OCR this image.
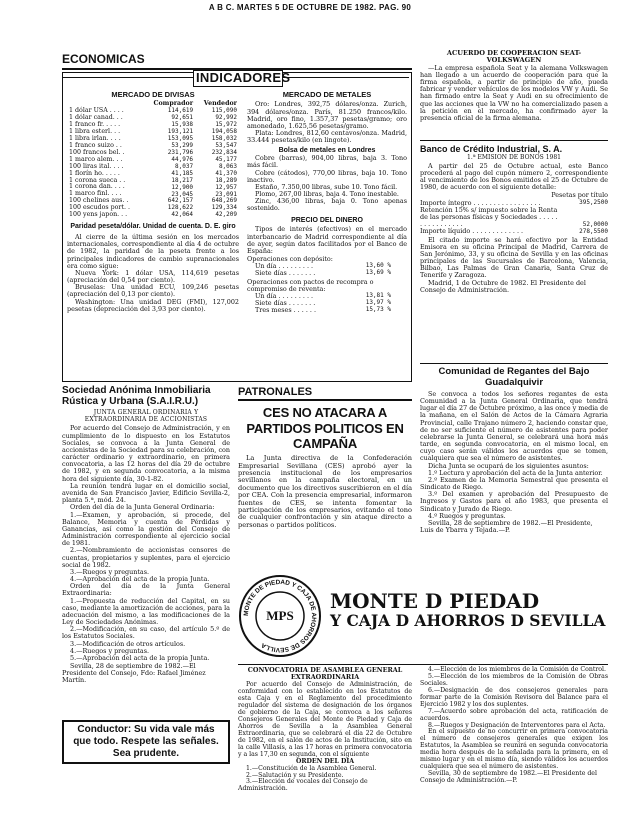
A B C. MARTES 5 DE OCTUBRE DE 1982. PAG. 90
ECONOMICAS
INDICADORES
MERCADO DE DIVISAS
	Comprador	Vendedor
1 dólar USA . . . .	114,619	115,090
1 dólar canad. . .	92,651	92,992
1 franco fr. . . . .	15,938	15,972
1 libra esterl. . .	193,121	194,058
1 libra irlan. . . .	153,095	158,032
1 franco suizo . .	53,299	53,547
100 francos bel. .	231,796	232,834
1 marco alem. . .	44,976	45,177
100 liras ital. . . .	8,037	8,063
1 florín ho. . . . .	41,185	41,370
1 corona sueca . .	18,217	18,289
1 corona dan. . . .	12,900	12,957
1 marco finl. . . .	23,045	23,091
100 chelines aus. .	642,157	648,269
100 escudos port. .	128,622	129,334
100 yens japon. . .	42,064	42,209
Paridad peseta/dólar. Unidad de cuenta. D. E. giro
Al cierre de la última sesión en los mercados internacionales, correspondiente al día 4 de octubre de 1982, la paridad de la peseta frente a los principales indicadores de cambio supranacionales era como sigue:
Nueva York: 1 dólar USA, 114,619 pesetas (apreciación del 0,54 por ciento).
Bruselas: Una unidad ECU, 109,246 pesetas (apreciación del 0,13 por ciento).
Washington: Una unidad DEG (FMI), 127,002 pesetas (depreciación del 3,93 por ciento).
MERCADO DE METALES
Oro: Londres, 392,75 dólares/onza. Zurich, 394 dólares/onza. París, 81.250 francos/kilo. Madrid, oro fino, 1.357,37 pesetas/gramo; oro amonedado, 1.625,56 pesetas/gramo.
Plata: Londres, 812,60 centavos/onza. Madrid, 33.444 pesetas/kilo (en lingote).
Bolsa de metales en Londres
Cobre (barras), 904,00 libras, baja 3. Tono más fácil.
Cobre (cátodos), 770,00 libras, baja 10. Tono inactivo.
Estaño, 7.350,00 libras, sube 10. Tono fácil.
Plomo, 267,00 libras, baja 4. Tono inestable.
Zinc, 436,00 libras, baja 0. Tono apenas sostenido.
PRECIO DEL DINERO
Tipos de interés (efectivos) en el mercado interbancario de Madrid correspondiente al día de ayer, según datos facilitados por el Banco de España:
Operaciones con depósito:
Un día . . . . . . . . .	13,60 %
Siete días . . . . . . .	13,69 %
Operaciones con pactos de recompra o compromiso de reventa:
Un día . . . . . . . . .	13,81 %
Siete días . . . . . . .	13,97 %
Tres meses . . . . . .	15,73 %
Sociedad Anónima Inmobiliaria Rústica y Urbana (S.A.I.R.U.)
JUNTA GENERAL ORDINARIA Y EXTRAORDINARIA DE ACCIONISTAS
Por acuerdo del Consejo de Administración, y en cumplimiento de lo dispuesto en los Estatutos Sociales, se convoca a la Junta General de accionistas de la Sociedad para su celebración, con carácter ordinario y extraordinario, en primera convocatoria, a las 12 horas del día 29 de octubre de 1982, y en segunda convocatoria, a la misma hora del siguiente día, 30-1-82.
La reunión tendrá lugar en el domicilio social, avenida de San Francisco Javier, Edificio Sevilla-2, planta 5.ª, mód. 24.
Orden del día de la Junta General Ordinaria:
1.—Examen, y aprobación, si procede, del Balance, Memoria y cuenta de Pérdidas y Ganancias, así como la gestión del Consejo de Administración correspondiente al ejercicio social de 1981.
2.—Nombramiento de accionistas censores de cuentas, propietarios y suplentes, para el ejercicio social de 1982.
3.—Ruegos y preguntas.
4.—Aprobación del acta de la propia Junta.
Orden del día de la Junta General Extraordinaria:
1.—Propuesta de reducción del Capital, en su caso, mediante la amortización de acciones, para la adecuación del mismo, a las modificaciones de la Ley de Sociedades Anónimas.
2.—Modificación, en su caso, del artículo 5.º de los Estatutos Sociales.
3.—Modificación de otros artículos.
4.—Ruegos y preguntas.
5.—Aprobación del acta de la propia Junta.
Sevilla, 28 de septiembre de 1982.—El Presidente del Consejo, Fdo: Rafael Jiménez Martín.
Conductor: Su vida vale más que todo. Respete las señales. Sea prudente.
PATRONALES
CES NO ATACARA A PARTIDOS POLITICOS EN CAMPAÑA
La Junta directiva de la Confederación Empresarial Sevillana (CES) aprobó ayer la presencia institucional de los empresarios sevillanos en la campaña electoral, en un documento que los directivos suscribieron en el día por CEA. Con la presencia empresarial, informaron fuentes de CES, se intenta fomentar la participación de los empresarios, evitando el tono de cualquier confrontación y sin ataque directo a personas o partidos políticos.
ACUERDO DE COOPERACION SEAT-VOLKSWAGEN
—La empresa española Seat y la alemana Volkswagen han llegado a un acuerdo de cooperación para que la firma española, a partir de principio de año, pueda fabricar y vender vehículos de los modelos VW y Audi. Se han firmado entre la Seat y Audi en su ofrecimiento de que las acciones que la VW no ha comercializado pasen a la petición en el mercado, ha confirmado ayer la presencia oficial de la firma alemana.
Banco de Crédito Industrial, S. A.
1.ª EMISION DE BONOS 1981
A partir del 25 de Octubre actual, este Banco procederá al pago del cupón número 2, correspondiente al vencimiento de los Bonos emitidos el 25 de Octubre de 1980, de acuerdo con el siguiente detalle:
Pesetas por título
Importe íntegro . . . . . . . . . . . . . . . . .	395,2500
Retención 15% s/ impuesto sobre la Renta de las personas físicas y Sociedades . . . . . . . . . . . . . . . .	52,0000
Importe líquido . . . . . . . . . . . . .	278,5500
El citado importe se hará efectivo por la Entidad Emisora en su oficina Principal de Madrid, Carrera de San Jerónimo, 33, y su oficina de Sevilla y en las oficinas principales de las Sucursales de Barcelona, Valencia, Bilbao, Las Palmas de Gran Canaria, Santa Cruz de Tenerife y Zaragoza.
Madrid, 1 de Octubre de 1982. El Presidente del Consejo de Administración.
Comunidad de Regantes del Bajo Guadalquivir
Se convoca a todos los señores regantes de esta Comunidad a la Junta General Ordinaria, que tendrá lugar el día 27 de Octubre próximo, a las once y media de la mañana, en el Salón de Actos de la Cámara Agraria Provincial, calle Trajano número 2, haciendo constar que, de no ser suficiente el número de asistentes para poder celebrarse la Junta General, se celebrará una hora más tarde, en segunda convocatoria, en el mismo local, en cuyo caso serán válidos los acuerdos que se tomen, cualquiera que sea el número de asistentes.
Dicha Junta se ocupará de los siguientes asuntos:
1.º Lectura y aprobación del acta de la Junta anterior.
2.º Examen de la Memoria Semestral que presenta el Sindicato de Riego.
3.º Del examen y aprobación del Presupuesto de Ingresos y Gastos para el año 1983, que presenta el Sindicato y Jurado de Riego.
4.º Ruegos y preguntas.
Sevilla, 28 de septiembre de 1982.—El Presidente, Luis de Ybarra y Tejada.—P.
MONTE DE PIEDAD Y CAJA DE AHORROS DE SEVILLA
MPS
MONTE D PIEDAD
Y CAJA D AHORROS D SEVILLA
CONVOCATORIA DE ASAMBLEA GENERAL EXTRAORDINARIA
Por acuerdo del Consejo de Administración, de conformidad con lo establecido en los Estatutos de esta Caja y en el Reglamento del procedimiento regulador del sistema de designación de los órganos de gobierno de la Caja, se convoca a los señores Consejeros Generales del Monte de Piedad y Caja de Ahorros de Sevilla a la Asamblea General Extraordinaria, que se celebrará el día 22 de Octubre de 1982, en el salón de actos de la Institución, sito en la calle Villasís, a las 17 horas en primera convocatoria y a las 17,30 en segunda, con el siguiente
ORDEN DEL DIA
1.—Constitución de la Asamblea General.
2.—Salutación y su Presidente.
3.—Elección de vocales del Consejo de Administración.
4.—Elección de los miembros de la Comisión de Control.
5.—Elección de los miembros de la Comisión de Obras Sociales.
6.—Designación de dos consejeros generales para formar parte de la Comisión Revisora del Balance para el Ejercicio 1982 y los dos suplentes.
7.—Acuerdo sobre aprobación del acta, ratificación de acuerdos.
8.—Ruegos y Designación de Interventores para el Acta.
En el supuesto de no concurrir en primera convocatoria el número de consejeros generales que exigen los Estatutos, la Asamblea se reunirá en segunda convocatoria media hora después de la señalada para la primera, en el mismo lugar y en el mismo día, siendo válidos los acuerdos cualquiera que sea el número de asistentes.
Sevilla, 30 de septiembre de 1982.—El Presidente del Consejo de Administración.—P.
